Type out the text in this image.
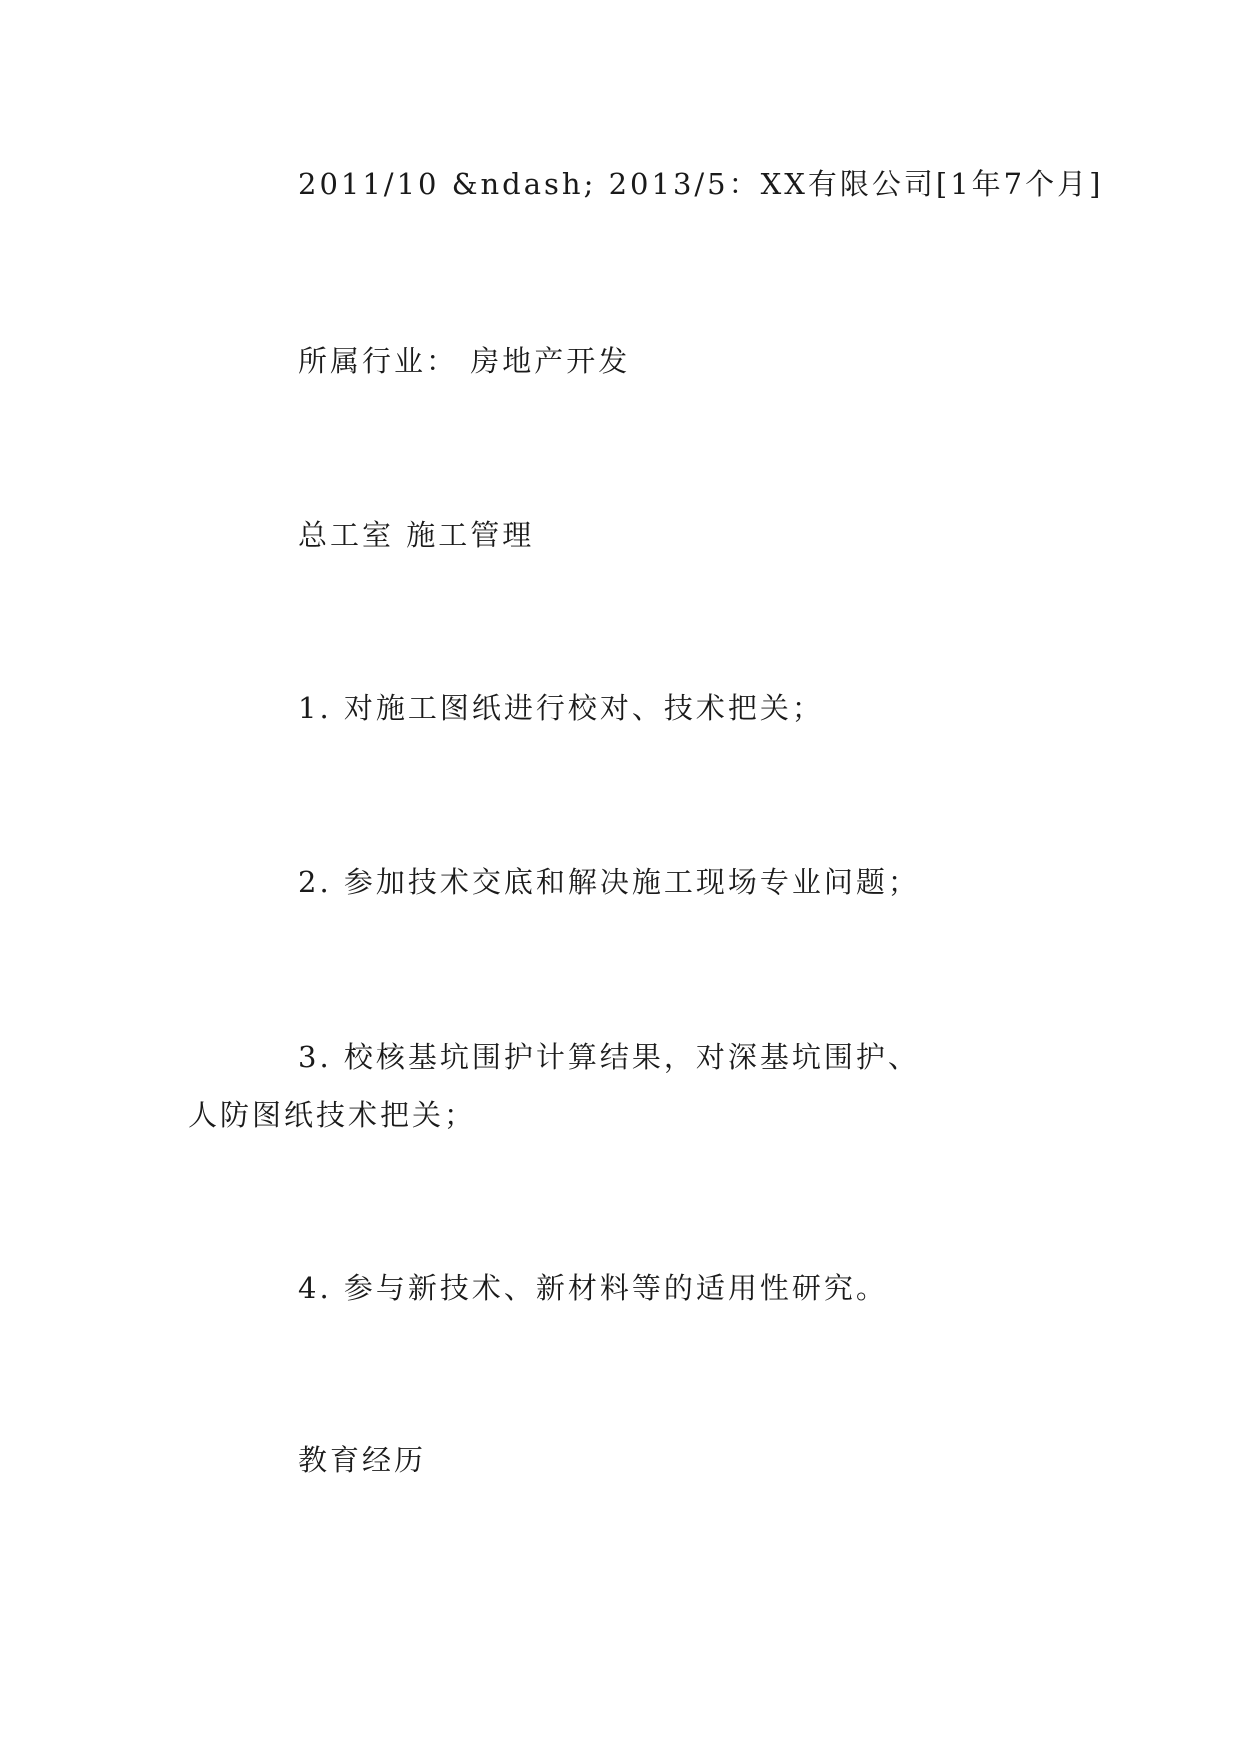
2011/10 &ndash; 2013/5：XX有限公司[1年7个月]
所属行业： 房地产开发
总工室 施工管理
1. 对施工图纸进行校对、技术把关；
2. 参加技术交底和解决施工现场专业问题；
3. 校核基坑围护计算结果，对深基坑围护、人防图纸技术把关；
4. 参与新技术、新材料等的适用性研究。
教育经历
